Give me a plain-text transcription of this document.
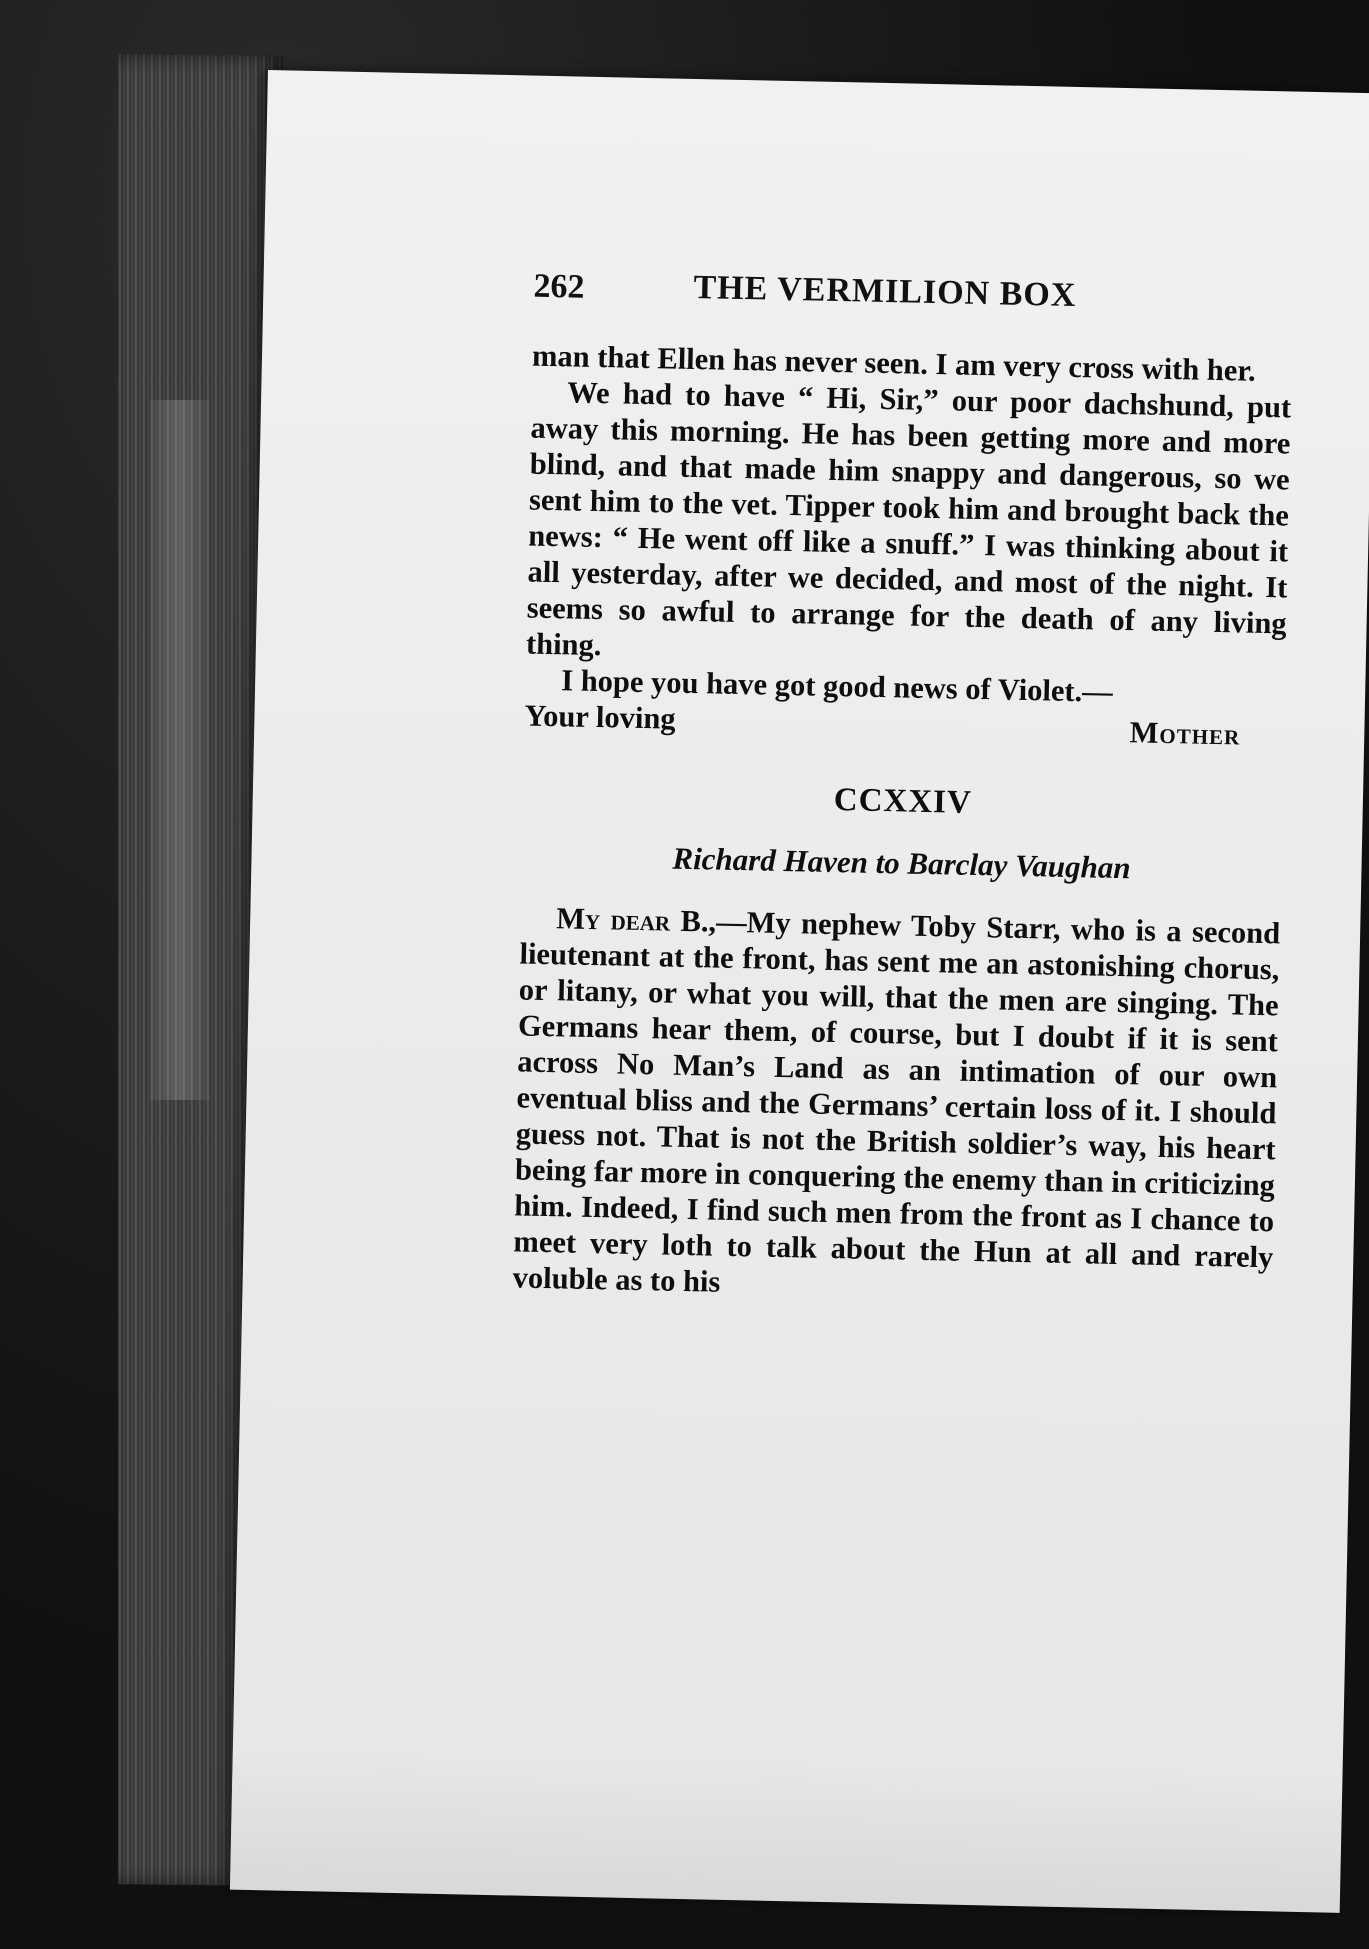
262	THE VERMILION BOX

man that Ellen has never seen. I am very cross with her.

We had to have “ Hi, Sir,” our poor dachshund, put away this morning. He has been getting more and more blind, and that made him snappy and dangerous, so we sent him to the vet. Tipper took him and brought back the news: “ He went off like a snuff.” I was thinking about it all yesterday, after we decided, and most of the night. It seems so awful to arrange for the death of any living thing.

I hope you have got good news of Violet.—

Your loving	Mother

CCXXIV

Richard Haven to Barclay Vaughan

My dear B.,—My nephew Toby Starr, who is a second lieutenant at the front, has sent me an astonishing chorus, or litany, or what you will, that the men are singing. The Germans hear them, of course, but I doubt if it is sent across No Man’s Land as an intimation of our own eventual bliss and the Germans’ certain loss of it. I should guess not. That is not the British soldier’s way, his heart being far more in conquering the enemy than in criticizing him. Indeed, I find such men from the front as I chance to meet very loth to talk about the Hun at all and rarely voluble as to his
